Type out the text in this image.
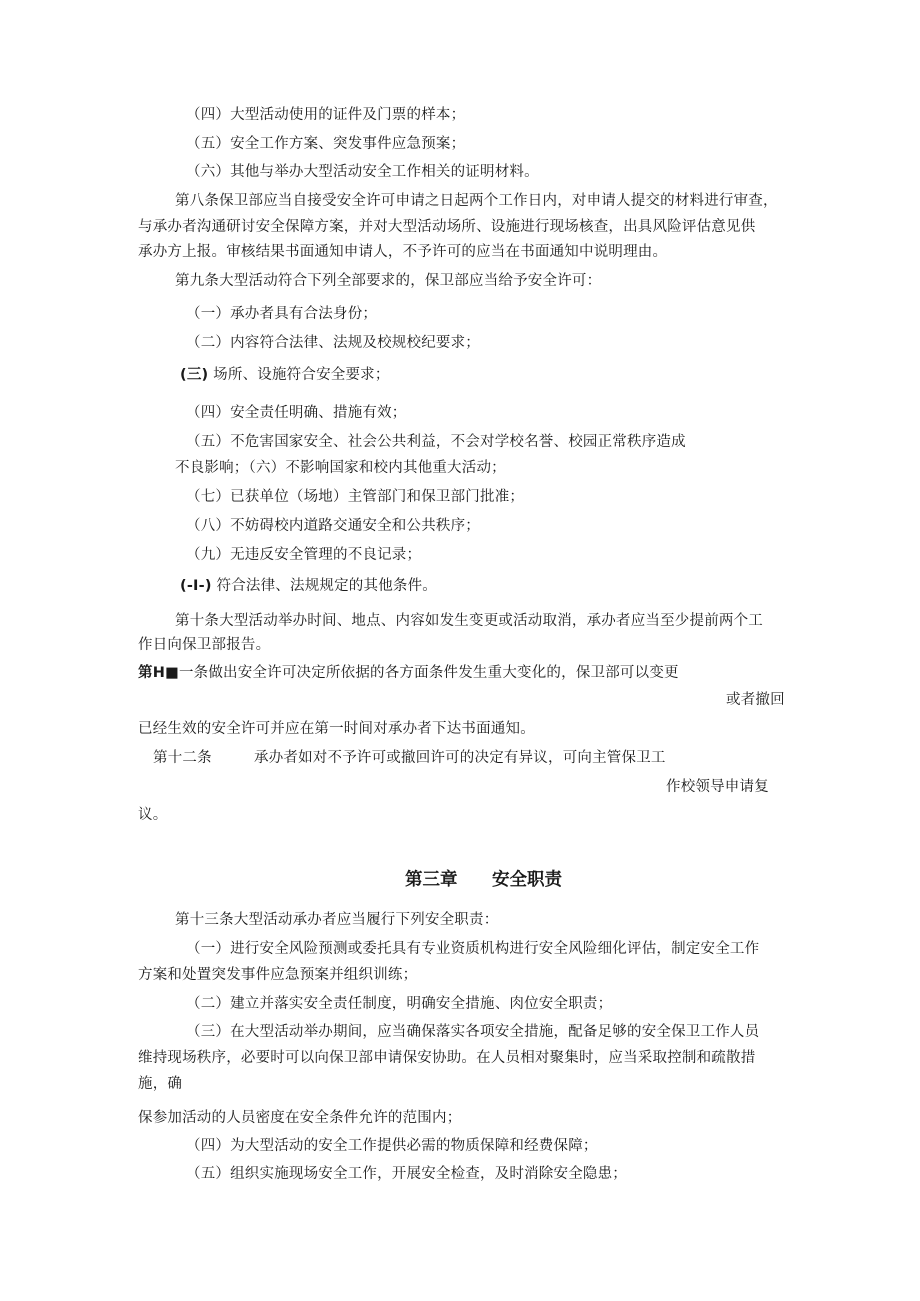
（四）大型活动使用的证件及门票的样本；
（五）安全工作方案、突发事件应急预案；
（六）其他与举办大型活动安全工作相关的证明材料。
第八条保卫部应当自接受安全许可申请之日起两个工作日内，对申请人提交的材料进行审查，
与承办者沟通研讨安全保障方案，并对大型活动场所、设施进行现场核查，出具风险评估意见供
承办方上报。审核结果书面通知申请人，不予许可的应当在书面通知中说明理由。
第九条大型活动符合下列全部要求的，保卫部应当给予安全许可：
（一）承办者具有合法身份；
（二）内容符合法律、法规及校规校纪要求；
(三) 场所、设施符合安全要求；
（四）安全责任明确、措施有效；
（五）不危害国家安全、社会公共利益，不会对学校名誉、校园正常秩序造成
不良影响；（六）不影响国家和校内其他重大活动；
（七）已获单位（场地）主管部门和保卫部门批准；
（八）不妨碍校内道路交通安全和公共秩序；
（九）无违反安全管理的不良记录；
(-I-) 符合法律、法规规定的其他条件。
第十条大型活动举办时间、地点、内容如发生变更或活动取消，承办者应当至少提前两个工
作日向保卫部报告。
第H■一条做出安全许可决定所依据的各方面条件发生重大变化的，保卫部可以变更
或者撤回
已经生效的安全许可并应在第一时间对承办者下达书面通知。
第十二条	承办者如对不予许可或撤回许可的决定有异议，可向主管保卫工
作校领导申请复
议。
第三章 安全职责
第十三条大型活动承办者应当履行下列安全职责：
（一）进行安全风险预测或委托具有专业资质机构进行安全风险细化评估，制定安全工作
方案和处置突发事件应急预案并组织训练；
（二）建立并落实安全责任制度，明确安全措施、肉位安全职责；
（三）在大型活动举办期间，应当确保落实各项安全措施，配备足够的安全保卫工作人员
维持现场秩序，必要时可以向保卫部申请保安协助。在人员相对聚集时，应当采取控制和疏散措
施，确
保参加活动的人员密度在安全条件允许的范围内；
（四）为大型活动的安全工作提供必需的物质保障和经费保障；
（五）组织实施现场安全工作，开展安全检查，及时消除安全隐患；
